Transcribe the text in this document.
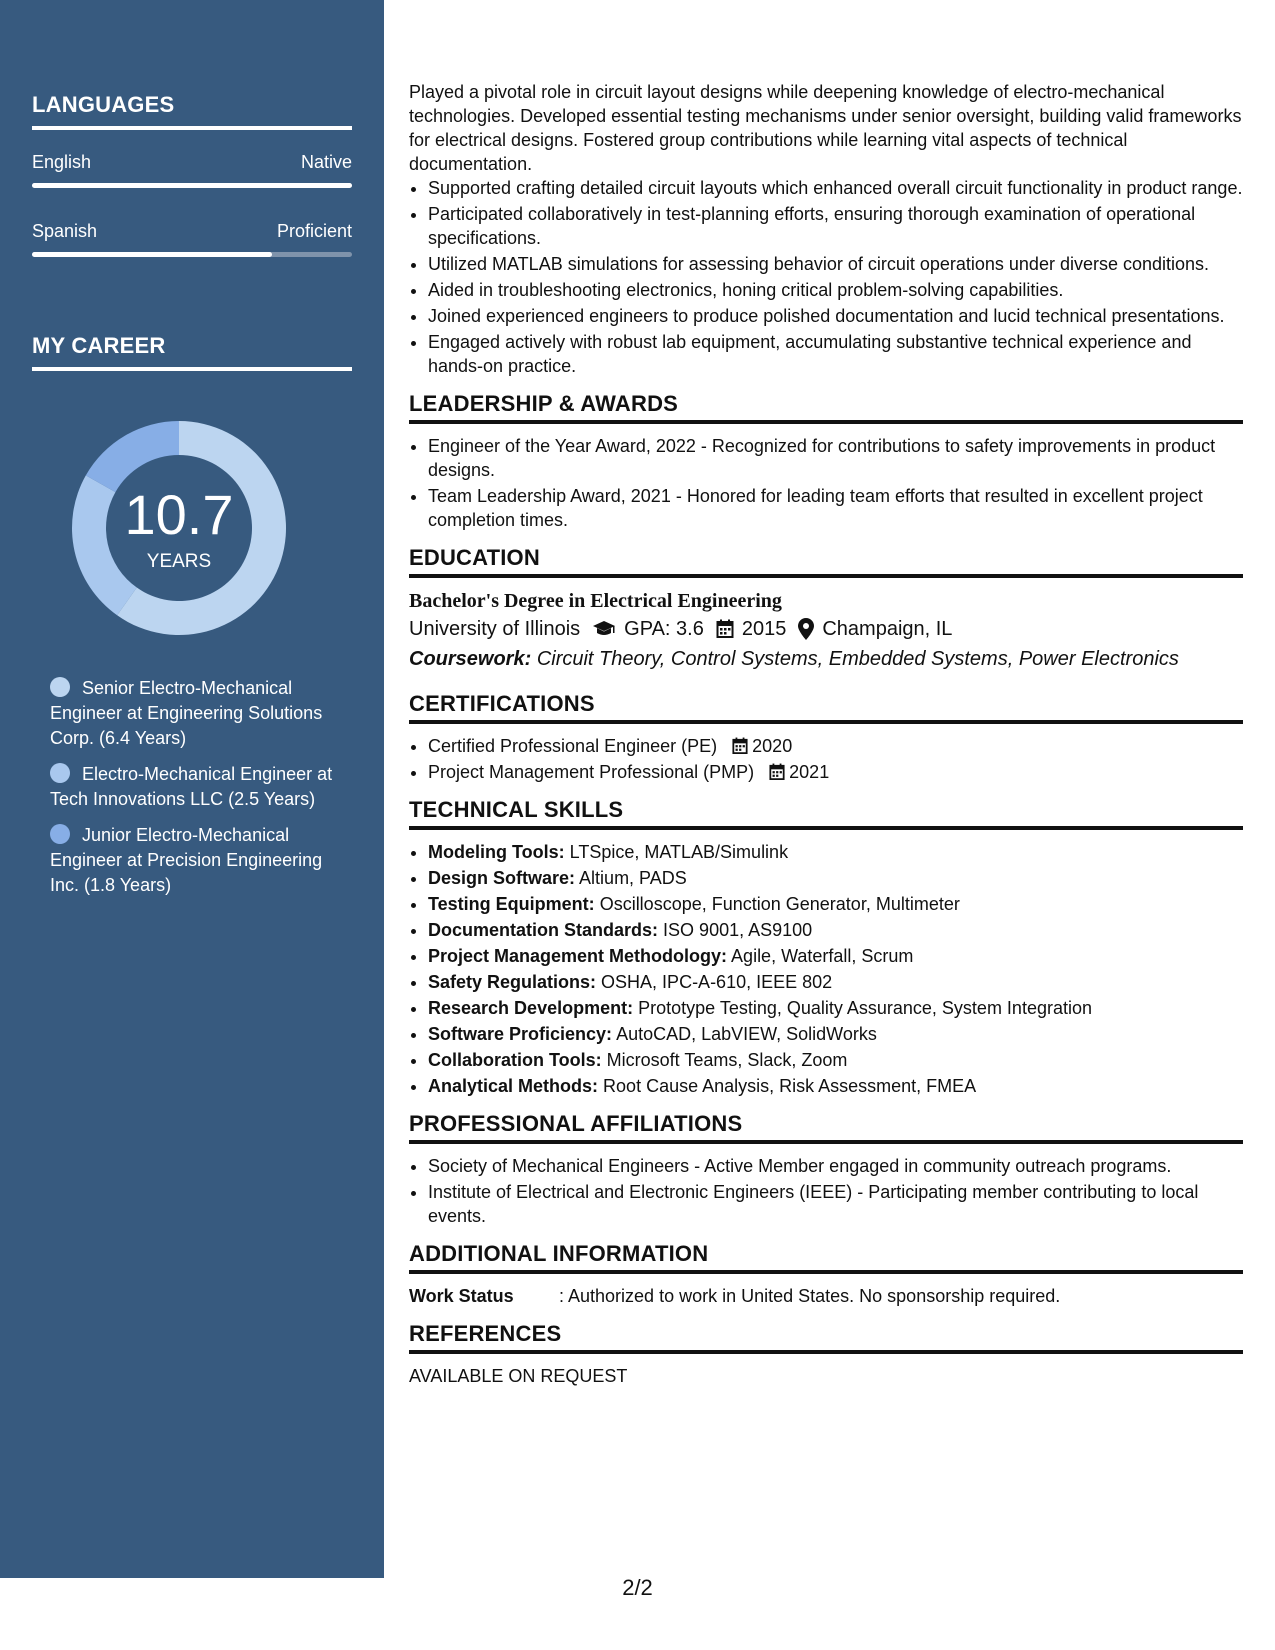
LANGUAGES
English	Native
Spanish	Proficient
MY CAREER
10.7
YEARS
Senior Electro-Mechanical Engineer at Engineering Solutions Corp. (6.4 Years)
Electro-Mechanical Engineer at Tech Innovations LLC (2.5 Years)
Junior Electro-Mechanical Engineer at Precision Engineering Inc. (1.8 Years)

Played a pivotal role in circuit layout designs while deepening knowledge of electro-mechanical technologies. Developed essential testing mechanisms under senior oversight, building valid frameworks for electrical designs. Fostered group contributions while learning vital aspects of technical documentation.

• Supported crafting detailed circuit layouts which enhanced overall circuit functionality in product range.
• Participated collaboratively in test-planning efforts, ensuring thorough examination of operational specifications.
• Utilized MATLAB simulations for assessing behavior of circuit operations under diverse conditions.
• Aided in troubleshooting electronics, honing critical problem-solving capabilities.
• Joined experienced engineers to produce polished documentation and lucid technical presentations.
• Engaged actively with robust lab equipment, accumulating substantive technical experience and hands-on practice.
LEADERSHIP & AWARDS
• Engineer of the Year Award, 2022 - Recognized for contributions to safety improvements in product designs.
• Team Leadership Award, 2021 - Honored for leading team efforts that resulted in excellent project completion times.
EDUCATION
Bachelor's Degree in Electrical Engineering
University of Illinois GPA: 3.6 2015 Champaign, IL
Coursework: Circuit Theory, Control Systems, Embedded Systems, Power Electronics
CERTIFICATIONS
• Certified Professional Engineer (PE) 2020
• Project Management Professional (PMP) 2021
TECHNICAL SKILLS
• Modeling Tools: LTSpice, MATLAB/Simulink
• Design Software: Altium, PADS
• Testing Equipment: Oscilloscope, Function Generator, Multimeter
• Documentation Standards: ISO 9001, AS9100
• Project Management Methodology: Agile, Waterfall, Scrum
• Safety Regulations: OSHA, IPC-A-610, IEEE 802
• Research Development: Prototype Testing, Quality Assurance, System Integration
• Software Proficiency: AutoCAD, LabVIEW, SolidWorks
• Collaboration Tools: Microsoft Teams, Slack, Zoom
• Analytical Methods: Root Cause Analysis, Risk Assessment, FMEA
PROFESSIONAL AFFILIATIONS
• Society of Mechanical Engineers - Active Member engaged in community outreach programs.
• Institute of Electrical and Electronic Engineers (IEEE) - Participating member contributing to local events.
ADDITIONAL INFORMATION
Work Status	: Authorized to work in United States. No sponsorship required.
REFERENCES
AVAILABLE ON REQUEST
2/2
